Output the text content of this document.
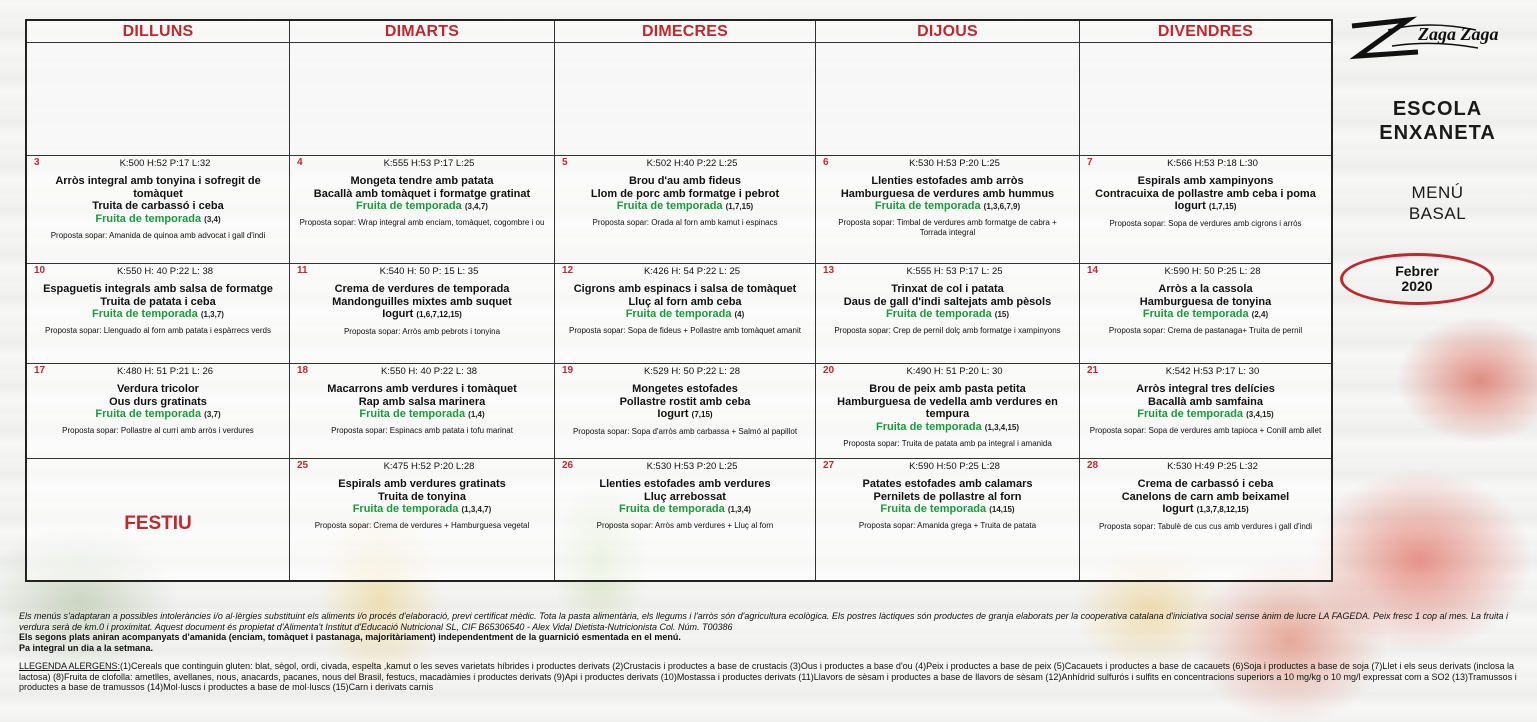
DILLUNS	DIMARTS	DIMECRES	DIJOUS	DIVENDRES
3	K:500 H:52 P:17 L:32
Arròs integral amb tonyina i sofregit de tomàquet
Truita de carbassó i ceba
Fruita de temporada (3,4)
Proposta sopar: Amanida de quinoa amb advocat i gall d'indi
4	K:555 H:53 P:17 L:25
Mongeta tendre amb patata
Bacallà amb tomàquet i formatge gratinat
Fruita de temporada (3,4,7)
Proposta sopar: Wrap integral amb enciam, tomàquet, cogombre i ou
5	K:502 H:40 P:22 L:25
Brou d'au amb fideus
Llom de porc amb formatge i pebrot
Fruita de temporada (1,7,15)
Proposta sopar: Orada al forn amb kamut i espinacs
6	K:530 H:53 P:20 L:25
Llenties estofades amb arròs
Hamburguesa de verdures amb hummus
Fruita de temporada (1,3,6,7,9)
Proposta sopar: Timbal de verdures amb formatge de cabra + Torrada integral
7	K:566 H:53 P:18 L:30
Espirals amb xampinyons
Contracuixa de pollastre amb ceba i poma
Iogurt (1,7,15)
Proposta sopar: Sopa de verdures amb cigrons i arròs
10	K:550 H: 40 P:22 L: 38
Espaguetis integrals amb salsa de formatge
Truita de patata i ceba
Fruita de temporada (1,3,7)
Proposta sopar: Llenguado al forn amb patata i espàrrecs verds
11	K:540 H: 50 P: 15 L: 35
Crema de verdures de temporada
Mandonguilles mixtes amb suquet
Iogurt (1,6,7,12,15)
Proposta sopar: Arròs amb pebrots i tonyina
12	K:426 H: 54 P:22 L: 25
Cigrons amb espinacs i salsa de tomàquet
Lluç al forn amb ceba
Fruita de temporada (4)
Proposta sopar: Sopa de fideus + Pollastre amb tomàquet amanit
13	K:555 H: 53 P:17 L: 25
Trinxat de col i patata
Daus de gall d'indi saltejats amb pèsols
Fruita de temporada (15)
Proposta sopar: Crep de pernil dolç amb formatge i xampinyons
14	K:590 H: 50 P:25 L: 28
Arròs a la cassola
Hamburguesa de tonyina
Fruita de temporada (2,4)
Proposta sopar: Crema de pastanaga+ Truita de pernil
17	K:480 H: 51 P:21 L: 26
Verdura tricolor
Ous durs gratinats
Fruita de temporada (3,7)
Proposta sopar: Pollastre al curri amb arròs i verdures
18	K:550 H: 40 P:22 L: 38
Macarrons amb verdures i tomàquet
Rap amb salsa marinera
Fruita de temporada (1,4)
Proposta sopar: Espinacs amb patata i tofu marinat
19	K:529 H: 50 P:22 L: 28
Mongetes estofades
Pollastre rostit amb ceba
Iogurt (7,15)
Proposta sopar: Sopa d'arròs amb carbassa + Salmó al papillot
20	K:490 H: 51 P:20 L: 30
Brou de peix amb pasta petita
Hamburguesa de vedella amb verdures en tempura
Fruita de temporada (1,3,4,15)
Proposta sopar: Truita de patata amb pa integral i amanida
21	K:542 H:53 P:17 L: 30
Arròs integral tres delícies
Bacallà amb samfaina
Fruita de temporada (3,4,15)
Proposta sopar: Sopa de verdures amb tapioca + Conill amb allet
FESTIU
25	K:475 H:52 P:20 L:28
Espirals amb verdures gratinats
Truita de tonyina
Fruita de temporada (1,3,4,7)
Proposta sopar: Crema de verdures + Hamburguesa vegetal
26	K:530 H:53 P:20 L:25
Llenties estofades amb verdures
Lluç arrebossat
Fruita de temporada (1,3,4)
Proposta sopar: Arròs amb verdures + Lluç al forn
27	K:590 H:50 P:25 L:28
Patates estofades amb calamars
Pernilets de pollastre al forn
Fruita de temporada (14,15)
Proposta sopar: Amanida grega + Truita de patata
28	K:530 H:49 P:25 L:32
Crema de carbassó i ceba
Canelons de carn amb beixamel
Iogurt (1,3,7,8,12,15)
Proposta sopar: Tabulè de cus cus amb verdures i gall d'indi
Zaga Zaga
ESCOLA
ENXANETA
MENÚ
BASAL
Febrer
2020
Els menús s'adaptaran a possibles intoleràncies i/o al·lèrgies substituint els aliments i/o procés d'elaboració, previ certificat mèdic. Tota la pasta alimentària, els llegums i l'arròs són d'agricultura ecològica. Els postres làctiques són productes de granja elaborats per la cooperativa catalana d'iniciativa social sense ànim de lucre LA FAGEDA. Peix fresc 1 cop al mes. La fruita i verdura serà de km.0 i proximitat. Aquest document és propietat d'Alimenta't Institut d'Educació Nutricional SL, CIF B65306540 - Alex Vidal Dietista-Nutricionista Col. Núm. T00386
Els segons plats aniran acompanyats d'amanida (enciam, tomàquet i pastanaga, majoritàriament) independentment de la guarnició esmentada en el menú.
Pa integral un dia a la setmana.
LLEGENDA ALERGENS:(1)Cereals que continguin gluten: blat, sègol, ordi, civada, espelta ,kamut o les seves varietats híbrides i productes derivats (2)Crustacis i productes a base de crustacis (3)Ous i productes a base d'ou (4)Peix i productes a base de peix (5)Cacauets i productes a base de cacauets (6)Soja i productes a base de soja (7)Llet i els seus derivats (inclosa la lactosa) (8)Fruita de clofolla: ametlles, avellanes, nous, anacards, pacanes, nous del Brasil, festucs, macadàmies i productes derivats (9)Api i productes derivats (10)Mostassa i productes derivats (11)Llavors de sèsam i productes a base de llavors de sèsam (12)Anhídrid sulfurós i sulfits en concentracions superiors a 10 mg/kg o 10 mg/l expressat com a SO2 (13)Tramussos i productes a base de tramussos (14)Mol·luscs i productes a base de mol·luscs (15)Carn i derivats carnis
